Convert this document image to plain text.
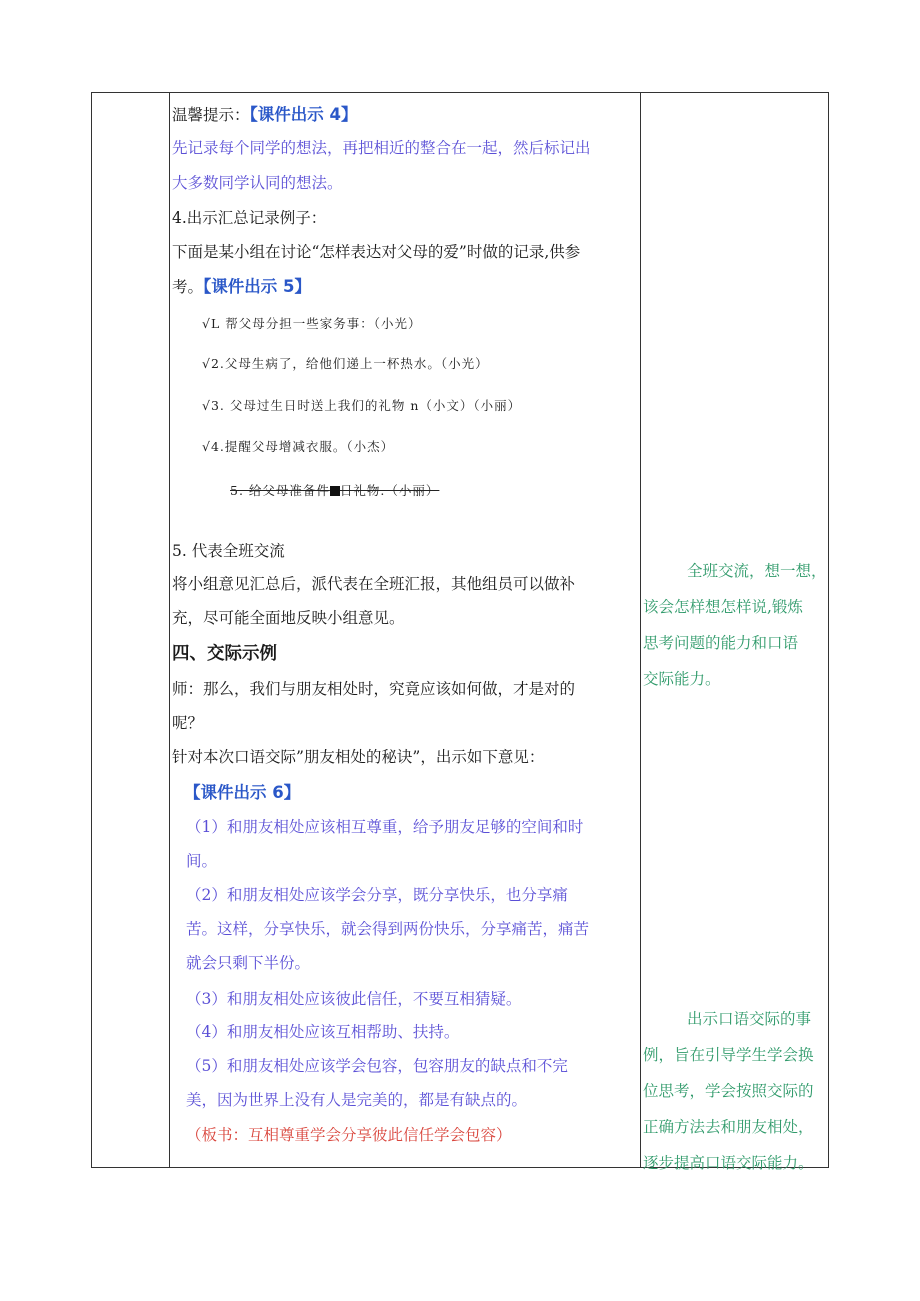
温馨提示：【课件出示 4】
先记录每个同学的想法，再把相近的整合在一起，然后标记出
大多数同学认同的想法。
4.出示汇总记录例子：
下面是某小组在讨论“怎样表达对父母的爱”时做的记录,供参
考。【课件出示 5】
√L 帮父母分担一些家务事：（小光）
√2.父母生病了，给他们递上一杯热水。（小光）
√3. 父母过生日时送上我们的礼物 n（小文）（小丽）
√4.提醒父母增减衣服。（小杰）
5. 给父母准备件 日礼物.（小丽）
5. 代表全班交流
将小组意见汇总后，派代表在全班汇报，其他组员可以做补
充，尽可能全面地反映小组意见。
四、交际示例
师：那么，我们与朋友相处时，究竟应该如何做，才是对的
呢？
针对本次口语交际”朋友相处的秘诀”，出示如下意见：
【课件出示 6】
（1）和朋友相处应该相互尊重，给予朋友足够的空间和时
间。
（2）和朋友相处应该学会分享，既分享快乐，也分享痛
苦。这样，分享快乐，就会得到两份快乐，分享痛苦，痛苦
就会只剩下半份。
（3）和朋友相处应该彼此信任，不要互相猜疑。
（4）和朋友相处应该互相帮助、扶持。
（5）和朋友相处应该学会包容，包容朋友的缺点和不完
美，因为世界上没有人是完美的，都是有缺点的。
（板书：互相尊重学会分享彼此信任学会包容）

全班交流，想一想，

该会怎样想怎样说,锻炼

思考问题的能力和口语

交际能力。

出示口语交际的事

例，旨在引导学生学会换

位思考，学会按照交际的

正确方法去和朋友相处，

逐步提高口语交际能力。
